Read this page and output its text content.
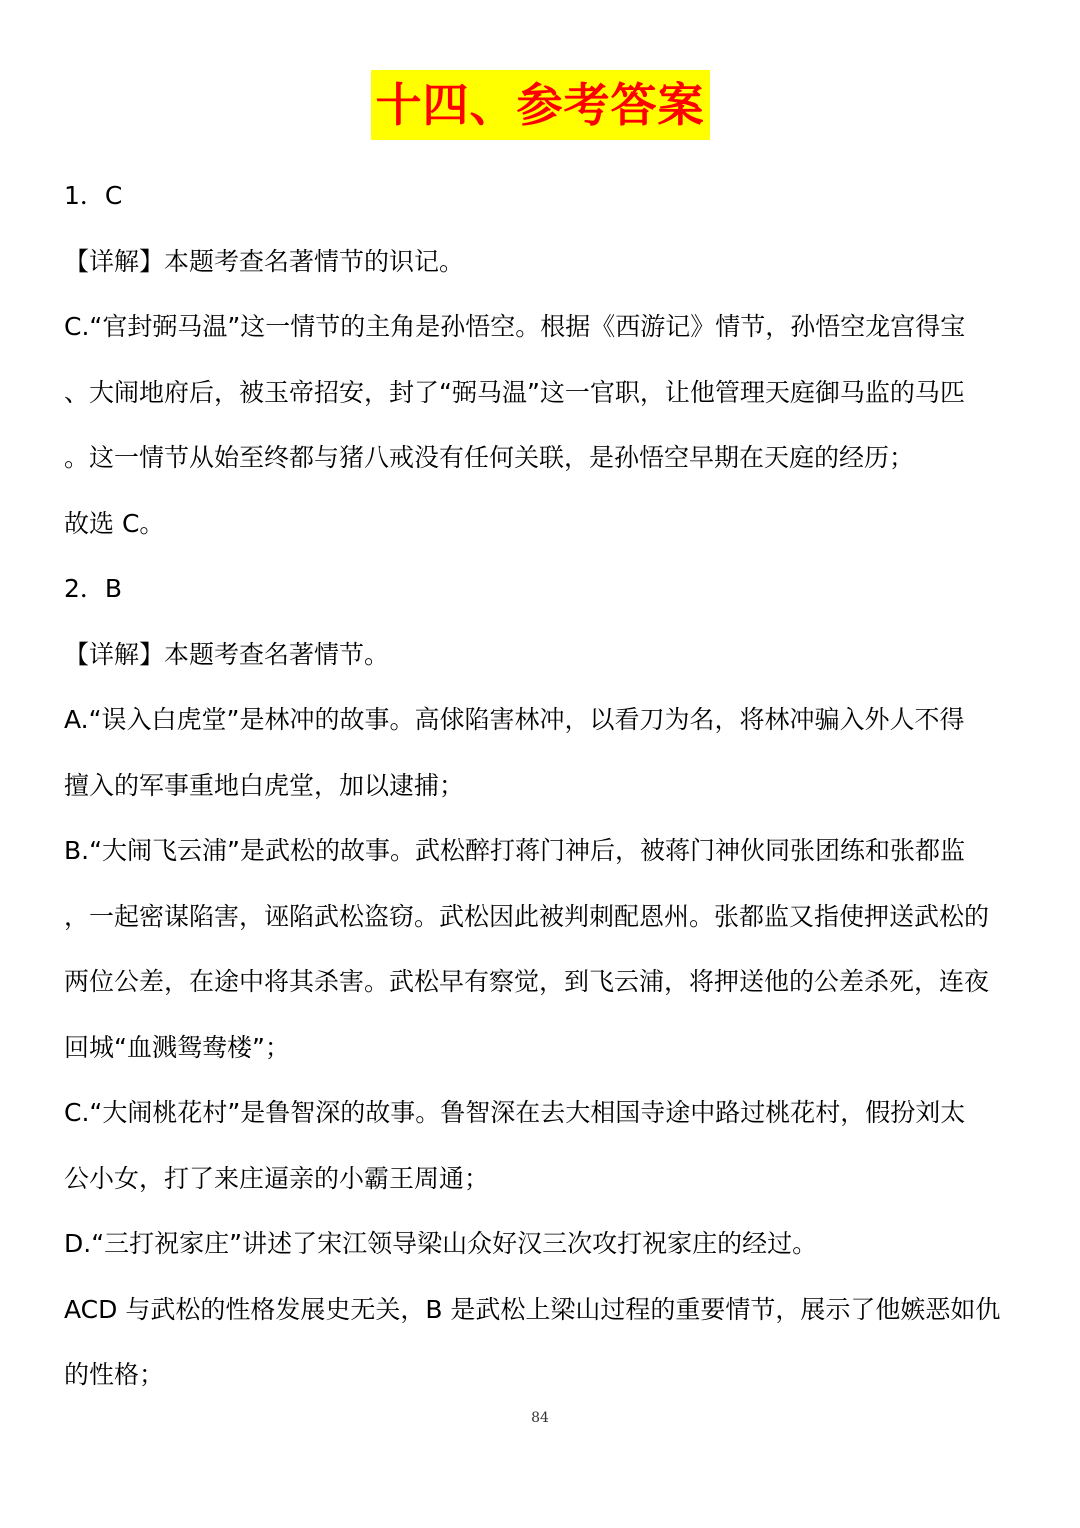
十四、参考答案
1．C
【详解】本题考查名著情节的识记。
C.“官封弼马温”这一情节的主角是孙悟空。根据《西游记》情节，孙悟空龙宫得宝
、大闹地府后，被玉帝招安，封了“弼马温”这一官职，让他管理天庭御马监的马匹
。这一情节从始至终都与猪八戒没有任何关联，是孙悟空早期在天庭的经历；
故选 C。
2．B
【详解】本题考查名著情节。
A.“误入白虎堂”是林冲的故事。高俅陷害林冲，以看刀为名，将林冲骗入外人不得
擅入的军事重地白虎堂，加以逮捕；
B.“大闹飞云浦”是武松的故事。武松醉打蒋门神后，被蒋门神伙同张团练和张都监
，一起密谋陷害，诬陷武松盗窃。武松因此被判刺配恩州。张都监又指使押送武松的
两位公差，在途中将其杀害。武松早有察觉，到飞云浦，将押送他的公差杀死，连夜
回城“血溅鸳鸯楼”；
C.“大闹桃花村”是鲁智深的故事。鲁智深在去大相国寺途中路过桃花村，假扮刘太
公小女，打了来庄逼亲的小霸王周通；
D.“三打祝家庄”讲述了宋江领导梁山众好汉三次攻打祝家庄的经过。
ACD 与武松的性格发展史无关，B 是武松上梁山过程的重要情节，展示了他嫉恶如仇
的性格；
84
